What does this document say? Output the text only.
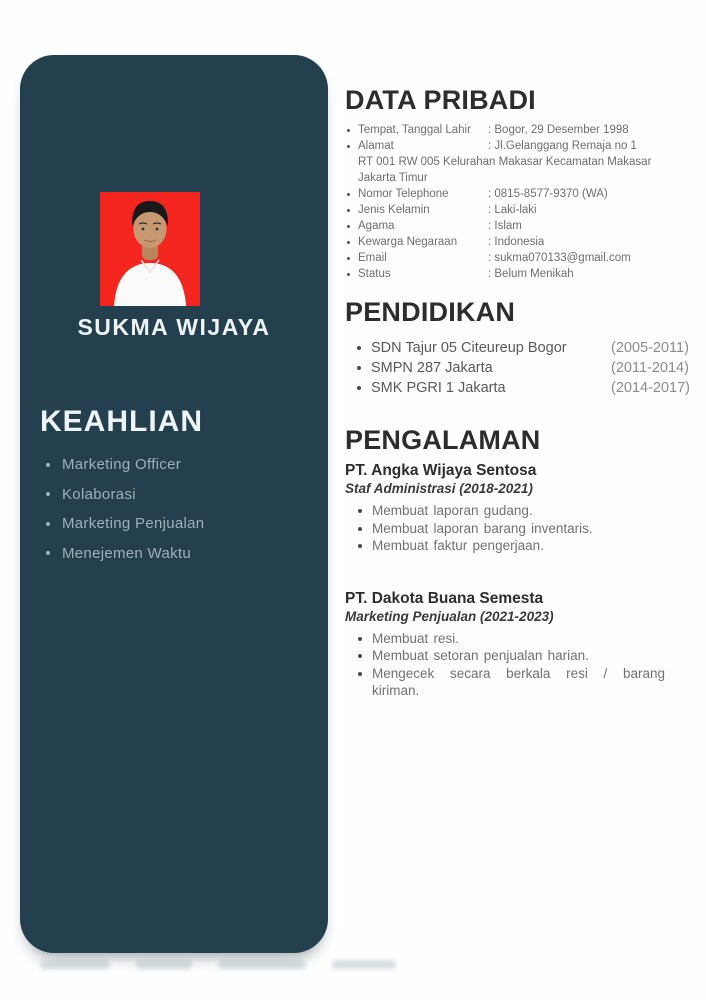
SUKMA WIJAYA
KEAHLIAN
Marketing Officer
Kolaborasi
Marketing Penjualan
Menejemen Waktu
DATA PRIBADI
Tempat, Tanggal Lahir	: Bogor, 29 Desember 1998
Alamat	: Jl.Gelanggang Remaja no 1
RT 001 RW 005 Kelurahan Makasar Kecamatan Makasar
Jakarta Timur
Nomor Telephone	: 0815-8577-9370 (WA)
Jenis Kelamin	: Laki-laki
Agama	: Islam
Kewarga Negaraan	: Indonesia
Email	: sukma070133@gmail.com
Status	: Belum Menikah
PENDIDIKAN
SDN Tajur 05 Citeureup Bogor	(2005-2011)
SMPN 287 Jakarta	(2011-2014)
SMK PGRI 1 Jakarta	(2014-2017)
PENGALAMAN
PT. Angka Wijaya Sentosa
Staf Administrasi (2018-2021)
Membuat laporan gudang.
Membuat laporan barang inventaris.
Membuat faktur pengerjaan.
PT. Dakota Buana Semesta
Marketing Penjualan (2021-2023)
Membuat resi.
Membuat setoran penjualan harian.
Mengecek secara berkala resi / barang kiriman.
